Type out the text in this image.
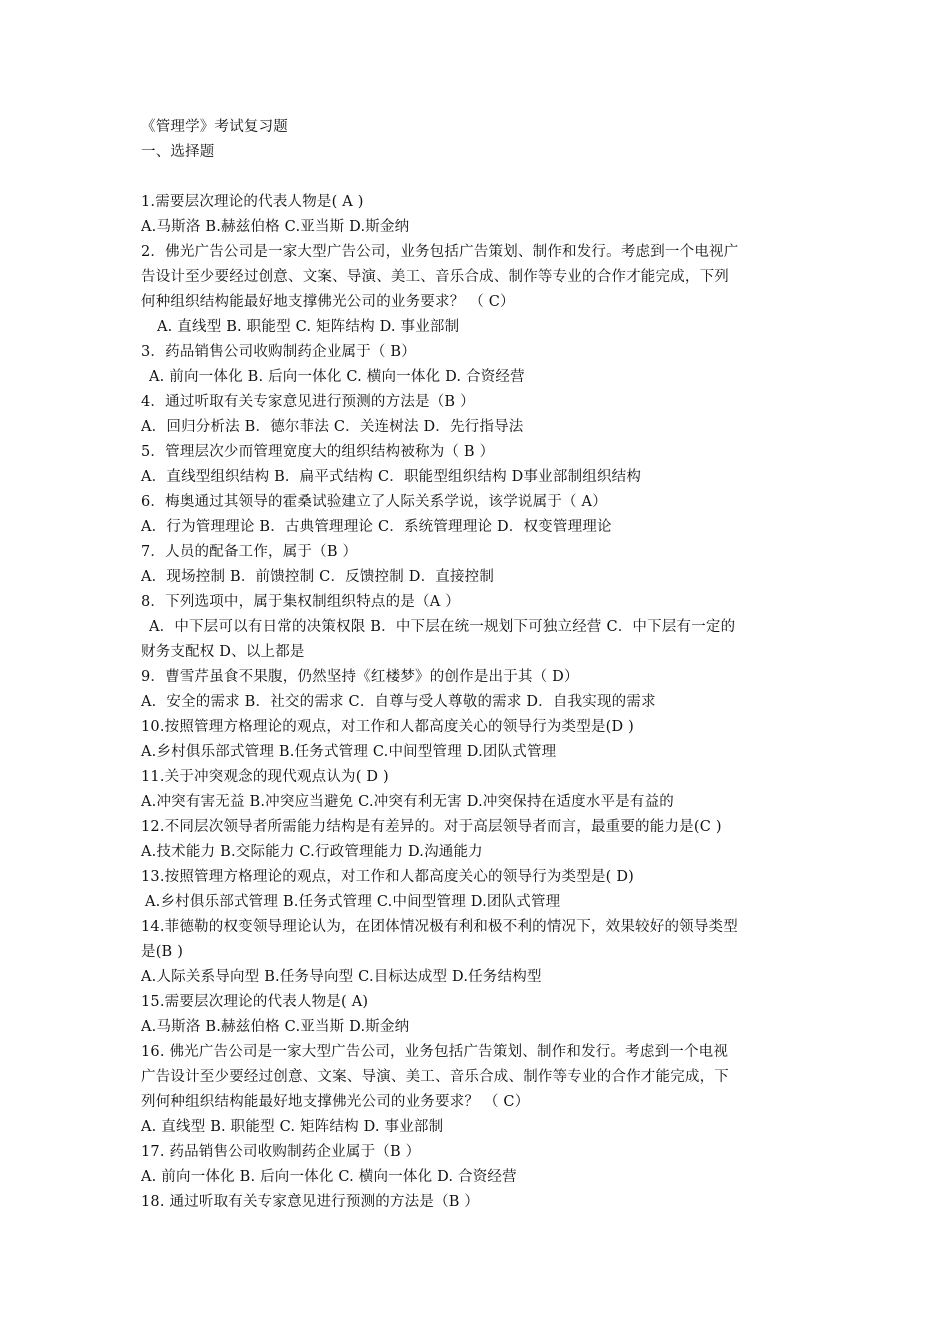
《管理学》考试复习题
一、选择题
1.需要层次理论的代表人物是( A )
A.马斯洛 B.赫兹伯格 C.亚当斯 D.斯金纳
2．佛光广告公司是一家大型广告公司，业务包括广告策划、制作和发行。考虑到一个电视广
告设计至少要经过创意、文案、导演、美工、音乐合成、制作等专业的合作才能完成，下列
何种组织结构能最好地支撑佛光公司的业务要求？ （ C）
A. 直线型 B. 职能型 C. 矩阵结构 D. 事业部制
3．药品销售公司收购制药企业属于（ B）
A. 前向一体化 B. 后向一体化 C. 横向一体化 D. 合资经营
4．通过听取有关专家意见进行预测的方法是（B ）
A．回归分析法 B．德尔菲法 C．关连树法 D．先行指导法
5．管理层次少而管理宽度大的组织结构被称为（ B ）
A．直线型组织结构 B．扁平式结构 C．职能型组织结构 D事业部制组织结构
6．梅奥通过其领导的霍桑试验建立了人际关系学说，该学说属于（ A）
A．行为管理理论 B．古典管理理论 C．系统管理理论 D．权变管理理论
7．人员的配备工作，属于（B ）
A．现场控制 B．前馈控制 C．反馈控制 D．直接控制
8．下列选项中，属于集权制组织特点的是（A ）
A．中下层可以有日常的决策权限 B．中下层在统一规划下可独立经营 C．中下层有一定的
财务支配权 D、以上都是
9．曹雪芹虽食不果腹，仍然坚持《红楼梦》的创作是出于其（ D）
A．安全的需求 B．社交的需求 C．自尊与受人尊敬的需求 D．自我实现的需求
10.按照管理方格理论的观点，对工作和人都高度关心的领导行为类型是(D )
A.乡村俱乐部式管理 B.任务式管理 C.中间型管理 D.团队式管理
11.关于冲突观念的现代观点认为( D )
A.冲突有害无益 B.冲突应当避免 C.冲突有利无害 D.冲突保持在适度水平是有益的
12.不同层次领导者所需能力结构是有差异的。对于高层领导者而言，最重要的能力是(C )
A.技术能力 B.交际能力 C.行政管理能力 D.沟通能力
13.按照管理方格理论的观点，对工作和人都高度关心的领导行为类型是( D)
A.乡村俱乐部式管理 B.任务式管理 C.中间型管理 D.团队式管理
14.菲德勒的权变领导理论认为，在团体情况极有利和极不利的情况下，效果较好的领导类型
是(B )
A.人际关系导向型 B.任务导向型 C.目标达成型 D.任务结构型
15.需要层次理论的代表人物是( A)
A.马斯洛 B.赫兹伯格 C.亚当斯 D.斯金纳
16. 佛光广告公司是一家大型广告公司，业务包括广告策划、制作和发行。考虑到一个电视
广告设计至少要经过创意、文案、导演、美工、音乐合成、制作等专业的合作才能完成，下
列何种组织结构能最好地支撑佛光公司的业务要求？ （ C）
A. 直线型 B. 职能型 C. 矩阵结构 D. 事业部制
17. 药品销售公司收购制药企业属于（B ）
A. 前向一体化 B. 后向一体化 C. 横向一体化 D. 合资经营
18. 通过听取有关专家意见进行预测的方法是（B ）
